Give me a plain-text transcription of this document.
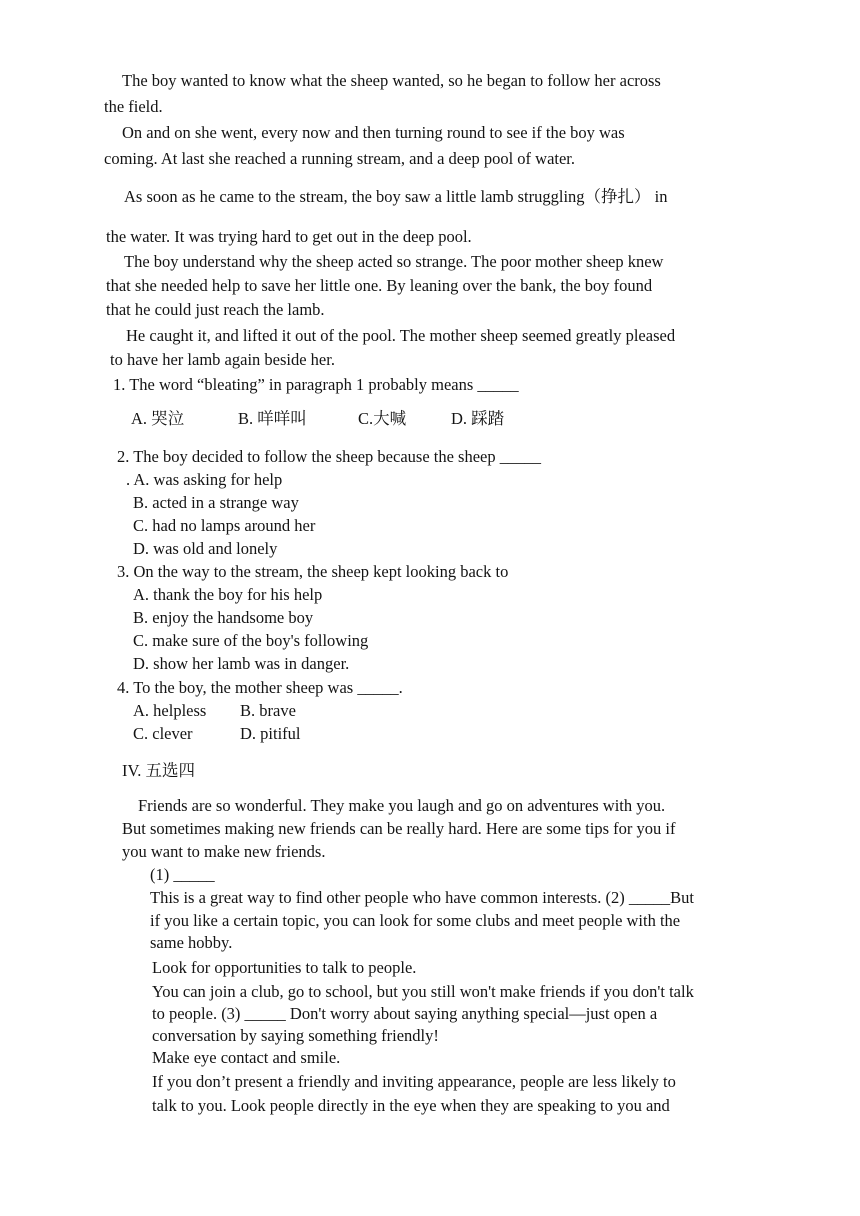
The boy wanted to know what the sheep wanted, so he began to follow her across
the field.
On and on she went, every now and then turning round to see if the boy was
coming. At last she reached a running stream, and a deep pool of water.
As soon as he came to the stream, the boy saw a little lamb struggling（挣扎） in
the water. It was trying hard to get out in the deep pool.
The boy understand why the sheep acted so strange. The poor mother sheep knew
that she needed help to save her little one. By leaning over the bank, the boy found
that he could just reach the lamb.
He caught it, and lifted it out of the pool. The mother sheep seemed greatly pleased
to have her lamb again beside her.
1. The word “bleating” in paragraph 1 probably means _____
A. 哭泣	B. 咩咩叫	C.大喊	D. 踩踏
2. The boy decided to follow the sheep because the sheep _____
. A. was asking for help
B. acted in a strange way
C. had no lamps around her
D. was old and lonely
3. On the way to the stream, the sheep kept looking back to
A. thank the boy for his help
B. enjoy the handsome boy
C. make sure of the boy's following
D. show her lamb was in danger.
4. To the boy, the mother sheep was _____.
A. helpless B. brave
C. clever	D. pitiful
IV. 五选四
Friends are so wonderful. They make you laugh and go on adventures with you.
But sometimes making new friends can be really hard. Here are some tips for you if
you want to make new friends.
(1) _____
This is a great way to find other people who have common interests. (2) _____But
if you like a certain topic, you can look for some clubs and meet people with the
same hobby.
Look for opportunities to talk to people.
You can join a club, go to school, but you still won't make friends if you don't talk
to people. (3) _____ Don't worry about saying anything special—just open a
conversation by saying something friendly!
Make eye contact and smile.
If you don’t present a friendly and inviting appearance, people are less likely to
talk to you. Look people directly in the eye when they are speaking to you and
